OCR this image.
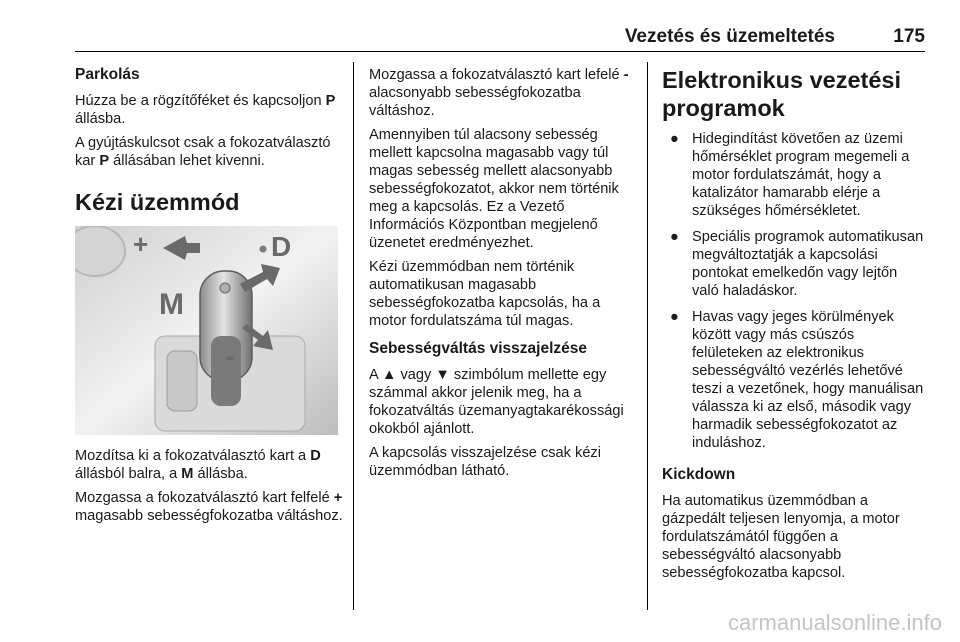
Vezetés és üzemeltetés	175
Parkolás

Húzza be a rögzítőféket és kapcsoljon P állásba.

A gyújtáskulcsot csak a fokozatválasztó kar P állásában lehet kivenni.

Kézi üzemmód
+	D
M
-

Mozdítsa ki a fokozatválasztó kart a D állásból balra, a M állásba.

Mozgassa a fokozatválasztó kart felfelé + magasabb sebességfokozatba váltáshoz.

Mozgassa a fokozatválasztó kart lefelé - alacsonyabb sebességfokozatba váltáshoz.

Amennyiben túl alacsony sebesség mellett kapcsolna magasabb vagy túl magas sebesség mellett alacsonyabb sebességfokozatot, akkor nem történik meg a kapcsolás. Ez a Vezető Információs Központban megjelenő üzenetet eredményezhet.

Kézi üzemmódban nem történik automatikusan magasabb sebességfokozatba kapcsolás, ha a motor fordulatszáma túl magas.

Sebességváltás visszajelzése

A ▲ vagy ▼ szimbólum mellette egy számmal akkor jelenik meg, ha a fokozatváltás üzemanyagtakarékossági okokból ajánlott.

A kapcsolás visszajelzése csak kézi üzemmódban látható.

Elektronikus vezetési programok
● Hidegindítást követően az üzemi hőmérséklet program megemeli a motor fordulatszámát, hogy a katalizátor hamarabb elérje a szükséges hőmérsékletet.
● Speciális programok automatikusan megváltoztatják a kapcsolási pontokat emelkedőn vagy lejtőn való haladáskor.
● Havas vagy jeges körülmények között vagy más csúszós felületeken az elektronikus sebességváltó vezérlés lehetővé teszi a vezetőnek, hogy manuálisan válassza ki az első, második vagy harmadik sebességfokozatot az induláshoz.
Kickdown

Ha automatikus üzemmódban a gázpedált teljesen lenyomja, a motor fordulatszámától függően a sebességváltó alacsonyabb sebességfokozatba kapcsol.

carmanualsonline.info
